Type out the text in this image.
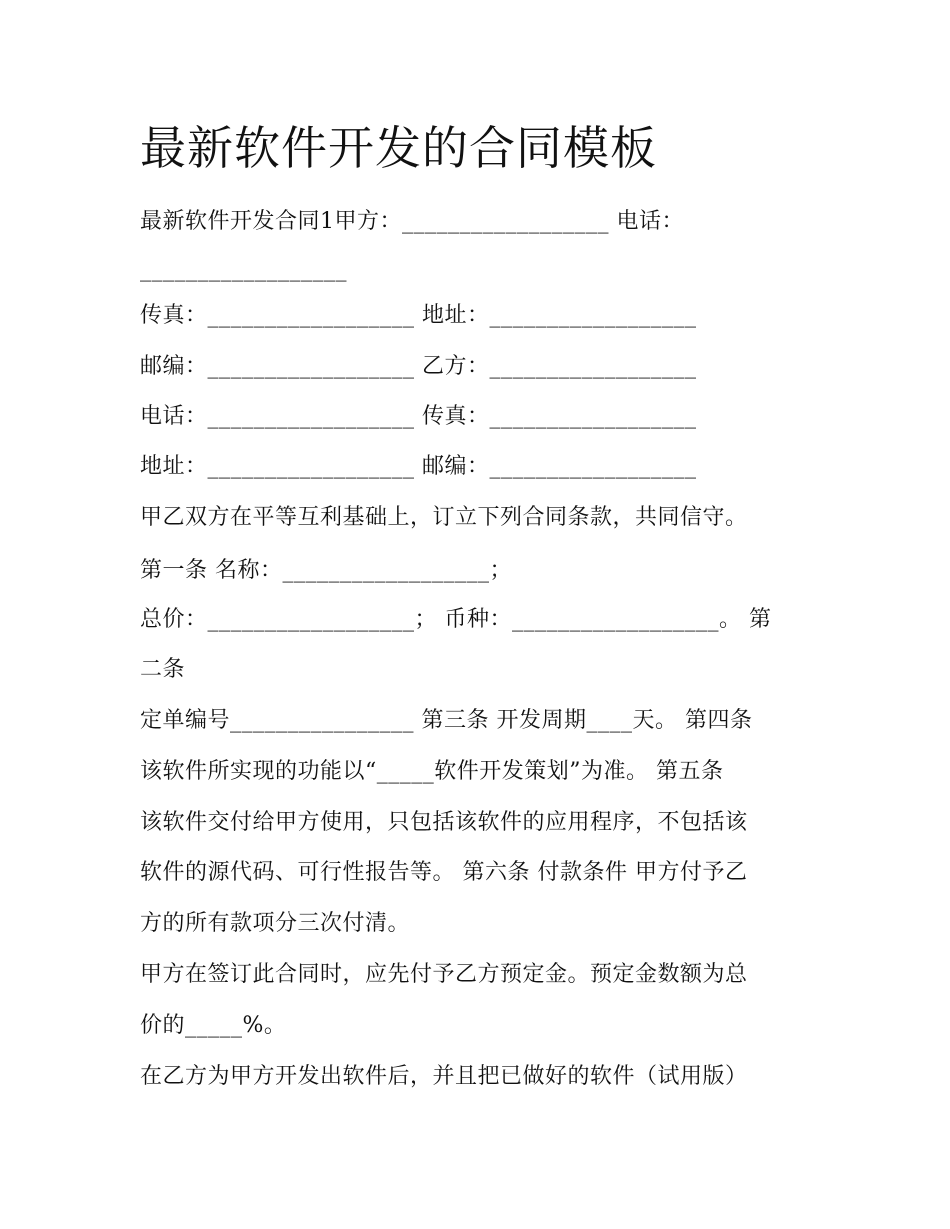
最新软件开发的合同模板

最新软件开发合同1甲方：__________________ 电话：

__________________

传真：__________________ 地址：__________________

邮编：__________________ 乙方：__________________

电话：__________________ 传真：__________________

地址：__________________ 邮编：__________________

甲乙双方在平等互利基础上，订立下列合同条款，共同信守。

第一条 名称：__________________；

总价：__________________； 币种：__________________。 第

二条

定单编号________________ 第三条 开发周期____天。 第四条

该软件所实现的功能以“_____软件开发策划”为准。 第五条

该软件交付给甲方使用，只包括该软件的应用程序，不包括该

软件的源代码、可行性报告等。 第六条 付款条件 甲方付予乙

方的所有款项分三次付清。

甲方在签订此合同时，应先付予乙方预定金。预定金数额为总

价的_____%。

在乙方为甲方开发出软件后，并且把已做好的软件（试用版）
